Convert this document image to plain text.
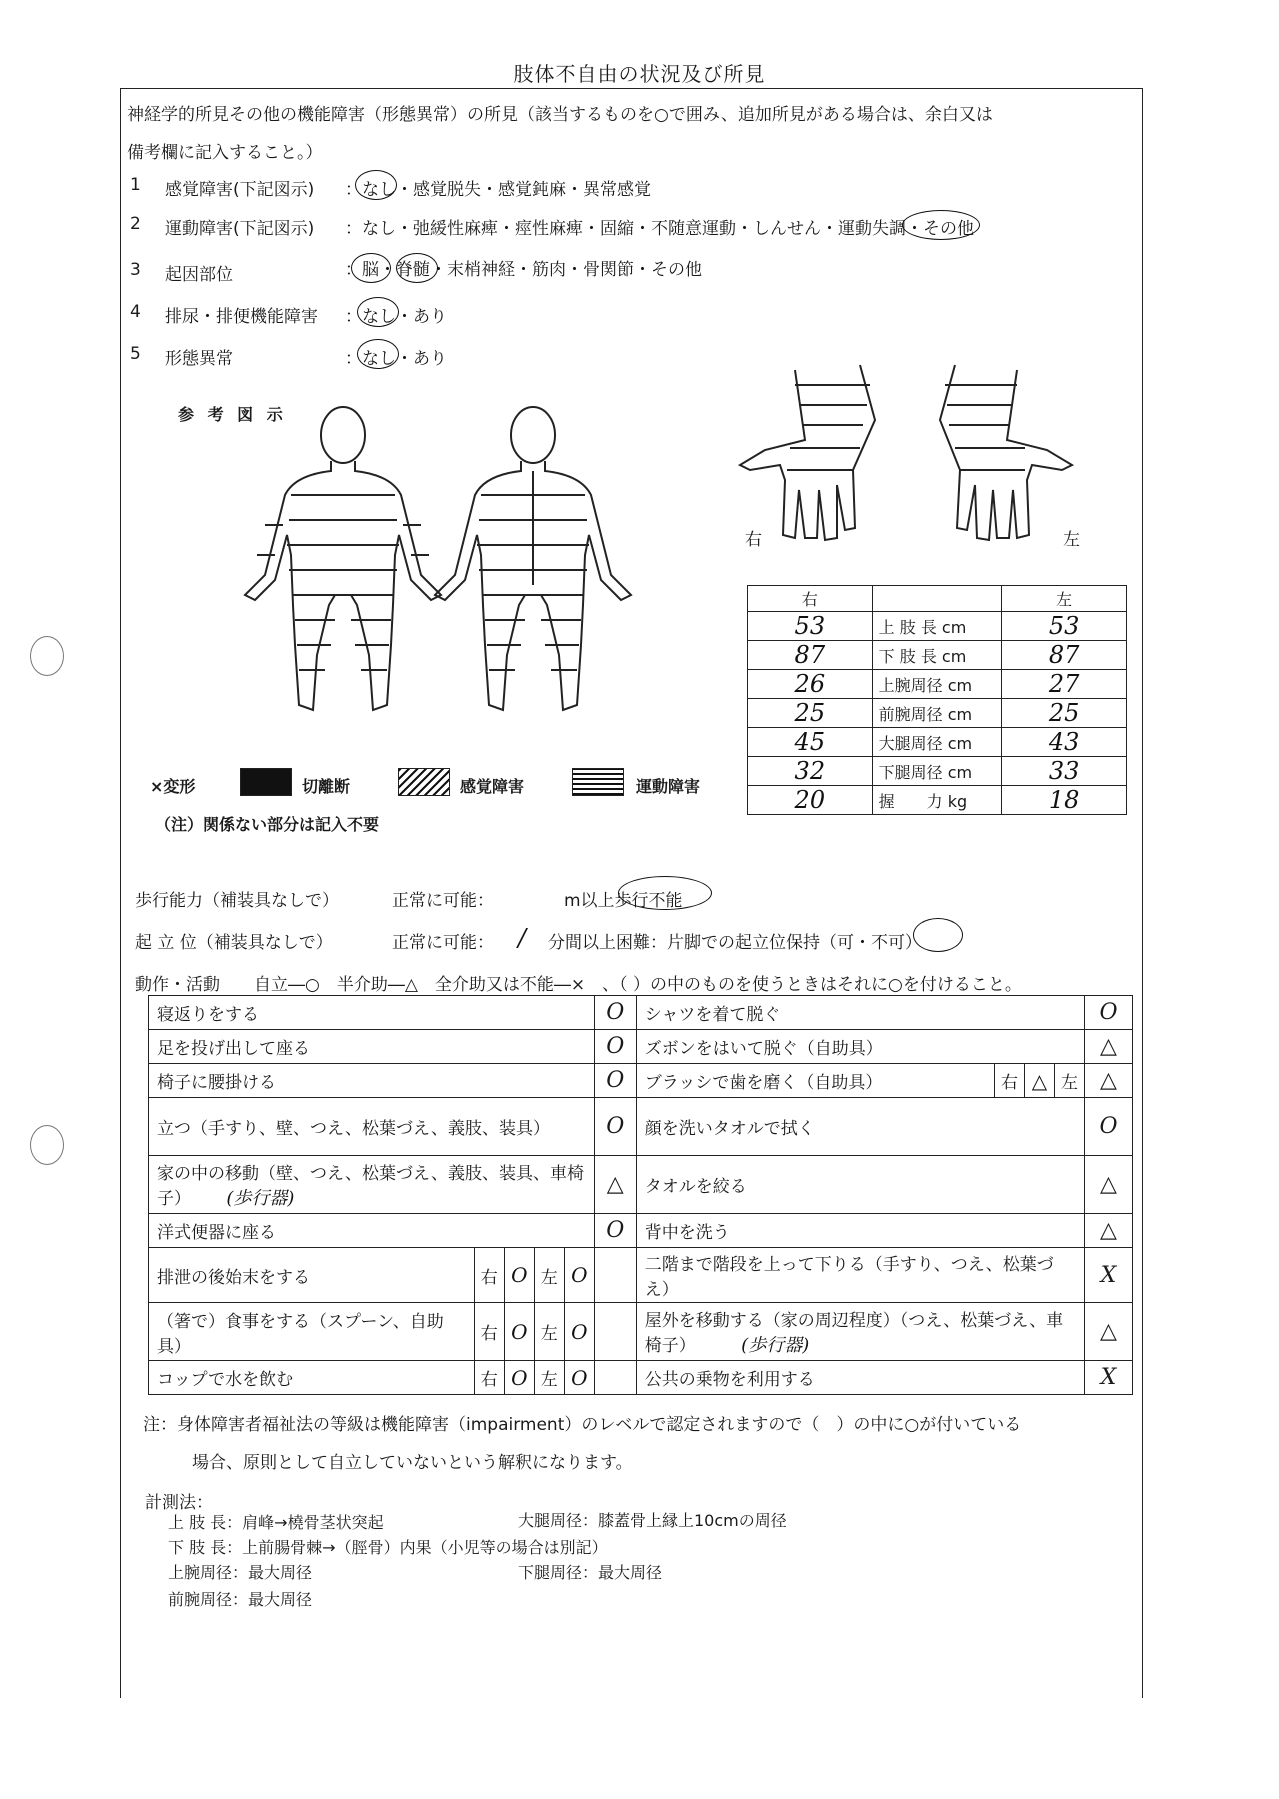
肢体不自由の状況及び所見
神経学的所見その他の機能障害（形態異常）の所見（該当するものを○で囲み、追加所見がある場合は、余白又は
備考欄に記入すること。）
1 感覚障害(下記図示) ：なし・感覚脱失・感覚鈍麻・異常感覚
2 運動障害(下記図示) ：なし・弛緩性麻痺・痙性麻痺・固縮・不随意運動・しんせん・運動失調・その他
3 起因部位	：脳・脊髄・末梢神経・筋肉・骨関節・その他
4 排尿・排便機能障害 ：なし・あり
5 形態異常	：なし・あり
参 考 図 示
右	左
右		左
53	上 肢 長 cm	53
87	下 肢 長 cm	87
26	上腕周径 cm	27
25	前腕周径 cm	25
45	大腿周径 cm	43
32	下腿周径 cm	33
20	握　　力 kg	18
×変形	切離断	感覚障害	運動障害
（注）関係ない部分は記入不要
歩行能力（補装具なしで）	正常に可能：	m以上歩行不能
起 立 位（補装具なしで）	正常に可能： / 分間以上困難：片脚での起立位保持（可・不可）
動作・活動　　自立―○　半介助―△　全介助又は不能―×　、（ ）の中のものを使うときはそれに○を付けること。
寝返りをする					O	シャツを着て脱ぐ				O
足を投げ出して座る					O	ズボンをはいて脱ぐ（自助具）				△
椅子に腰掛ける					O	ブラッシで歯を磨く（自助具）	右	△	左	△
立つ（手すり、壁、つえ、松葉づえ、義肢、装具）					O	顔を洗いタオルで拭く				O
家の中の移動（壁、つえ、松葉づえ、義肢、装具、車椅子） (歩行器)					△	タオルを絞る				△
洋式便器に座る					O	背中を洗う				△
排泄の後始末をする	右	O	左	O		二階まで階段を上って下りる（手すり、つえ、松葉づえ）				X
（箸で）食事をする（スプーン、自助具）	右	O	左	O		屋外を移動する（家の周辺程度）（つえ、松葉づえ、車椅子） (歩行器)				△
コップで水を飲む	右	O	左	O		公共の乗物を利用する				X
注：身体障害者福祉法の等級は機能障害（impairment）のレベルで認定されますので（　）の中に○が付いている
場合、原則として自立していないという解釈になります。
計測法：
上 肢 長：肩峰→橈骨茎状突起	大腿周径：膝蓋骨上縁上10cmの周径
下 肢 長：上前腸骨棘→（脛骨）内果（小児等の場合は別記）
上腕周径：最大周径	下腿周径：最大周径
前腕周径：最大周径
